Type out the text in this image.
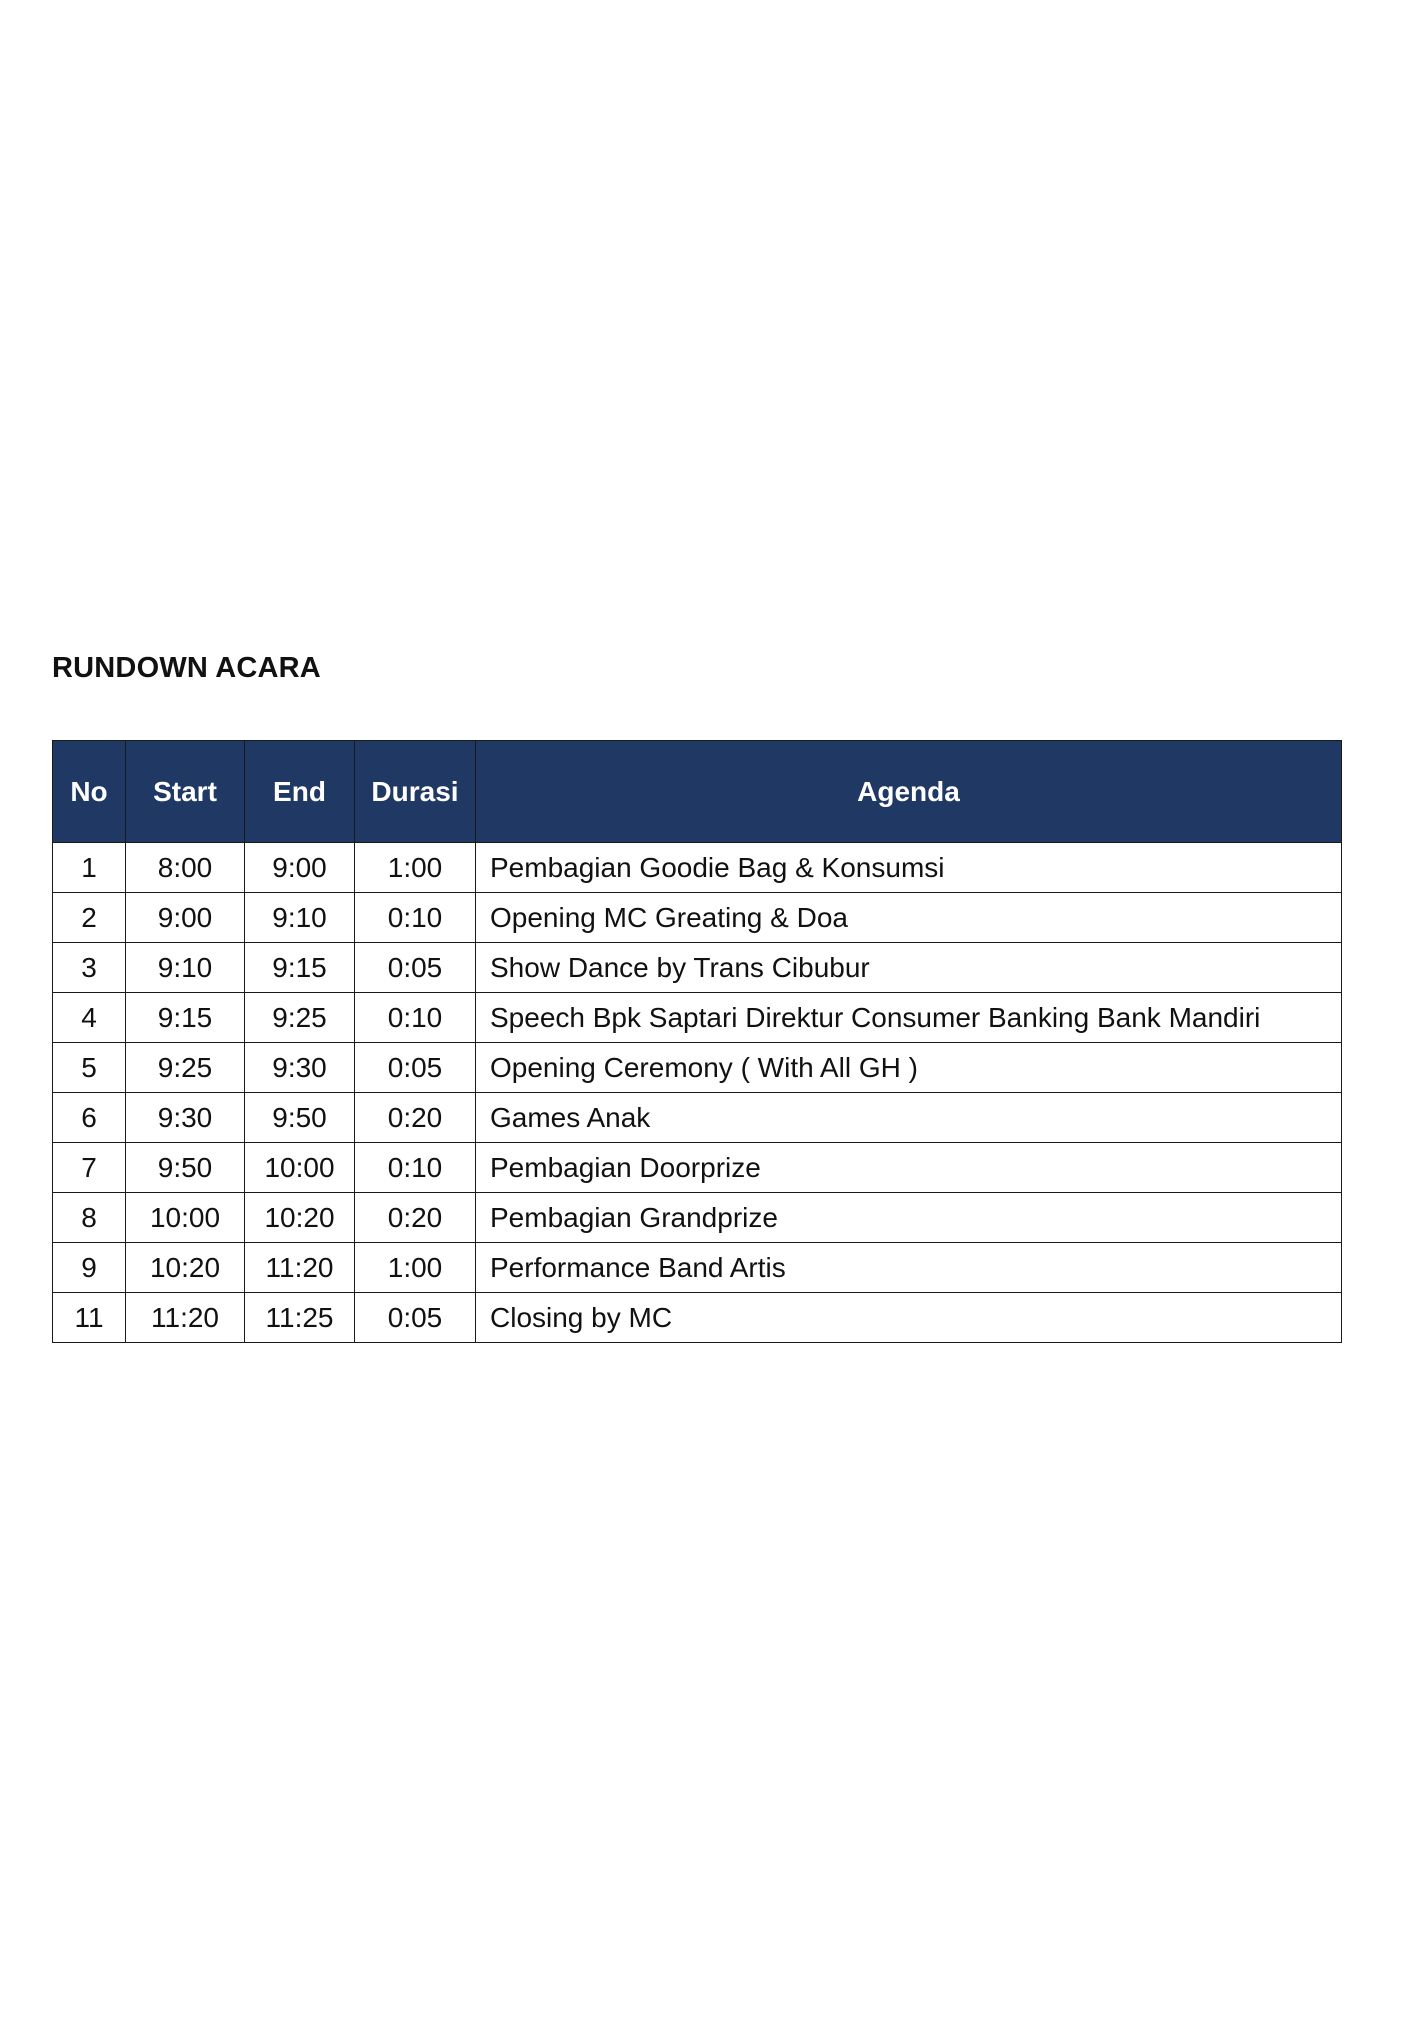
RUNDOWN ACARA
No	Start	End	Durasi	Agenda
1	8:00	9:00	1:00	Pembagian Goodie Bag & Konsumsi
2	9:00	9:10	0:10	Opening MC Greating & Doa
3	9:10	9:15	0:05	Show Dance by Trans Cibubur
4	9:15	9:25	0:10	Speech Bpk Saptari Direktur Consumer Banking Bank Mandiri
5	9:25	9:30	0:05	Opening Ceremony ( With All GH )
6	9:30	9:50	0:20	Games Anak
7	9:50	10:00	0:10	Pembagian Doorprize
8	10:00	10:20	0:20	Pembagian Grandprize
9	10:20	11:20	1:00	Performance Band Artis
11	11:20	11:25	0:05	Closing by MC
